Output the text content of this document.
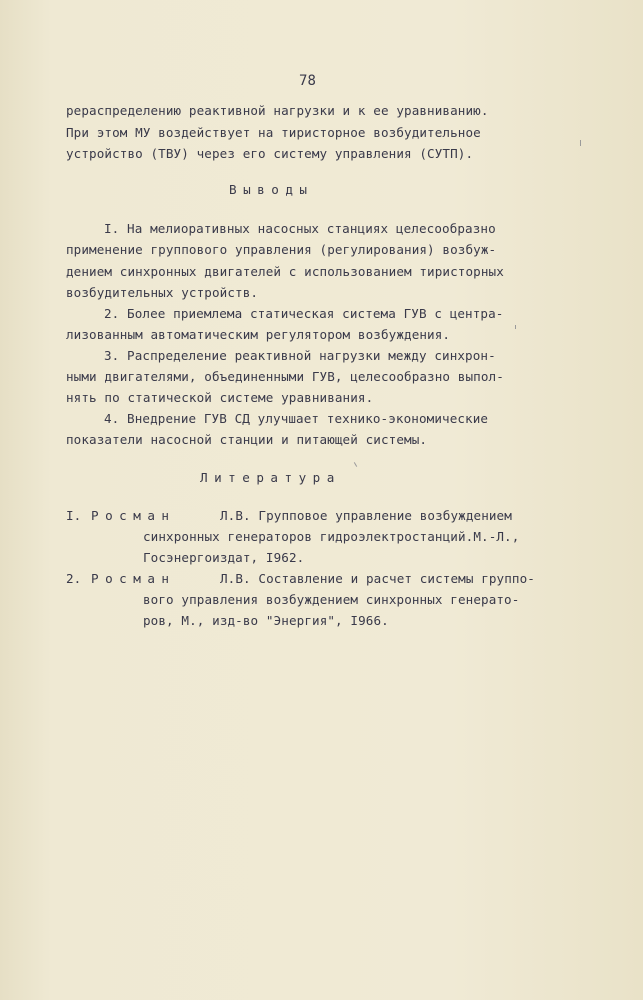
78
рераспределению реактивной нагрузки и к ее уравниванию.
При этом МУ воздействует на тиристорное возбудительное
устройство (ТВУ) через его систему управления (СУТП).
Выводы
I. На мелиоративных насосных станциях целесообразно
применение группового управления (регулирования) возбуж-
дением синхронных двигателей с использованием тиристорных
возбудительных устройств.
2. Более приемлема статическая система ГУВ с центра-
лизованным автоматическим регулятором возбуждения.
3. Распределение реактивной нагрузки между синхрон-
ными двигателями, объединенными ГУВ, целесообразно выпол-
нять по статической системе уравнивания.
4. Внедрение ГУВ СД улучшает технико-экономические
показатели насосной станции и питающей системы.
Литература
I. Росман	Л.В. Групповое управление возбуждением
синхронных генераторов гидроэлектростанций.М.-Л.,
Госэнергоиздат, I962.
2. Росман	Л.В. Составление и расчет системы группо-
вого управления возбуждением синхронных генерато-
ров, М., изд-во "Энергия", I966.
